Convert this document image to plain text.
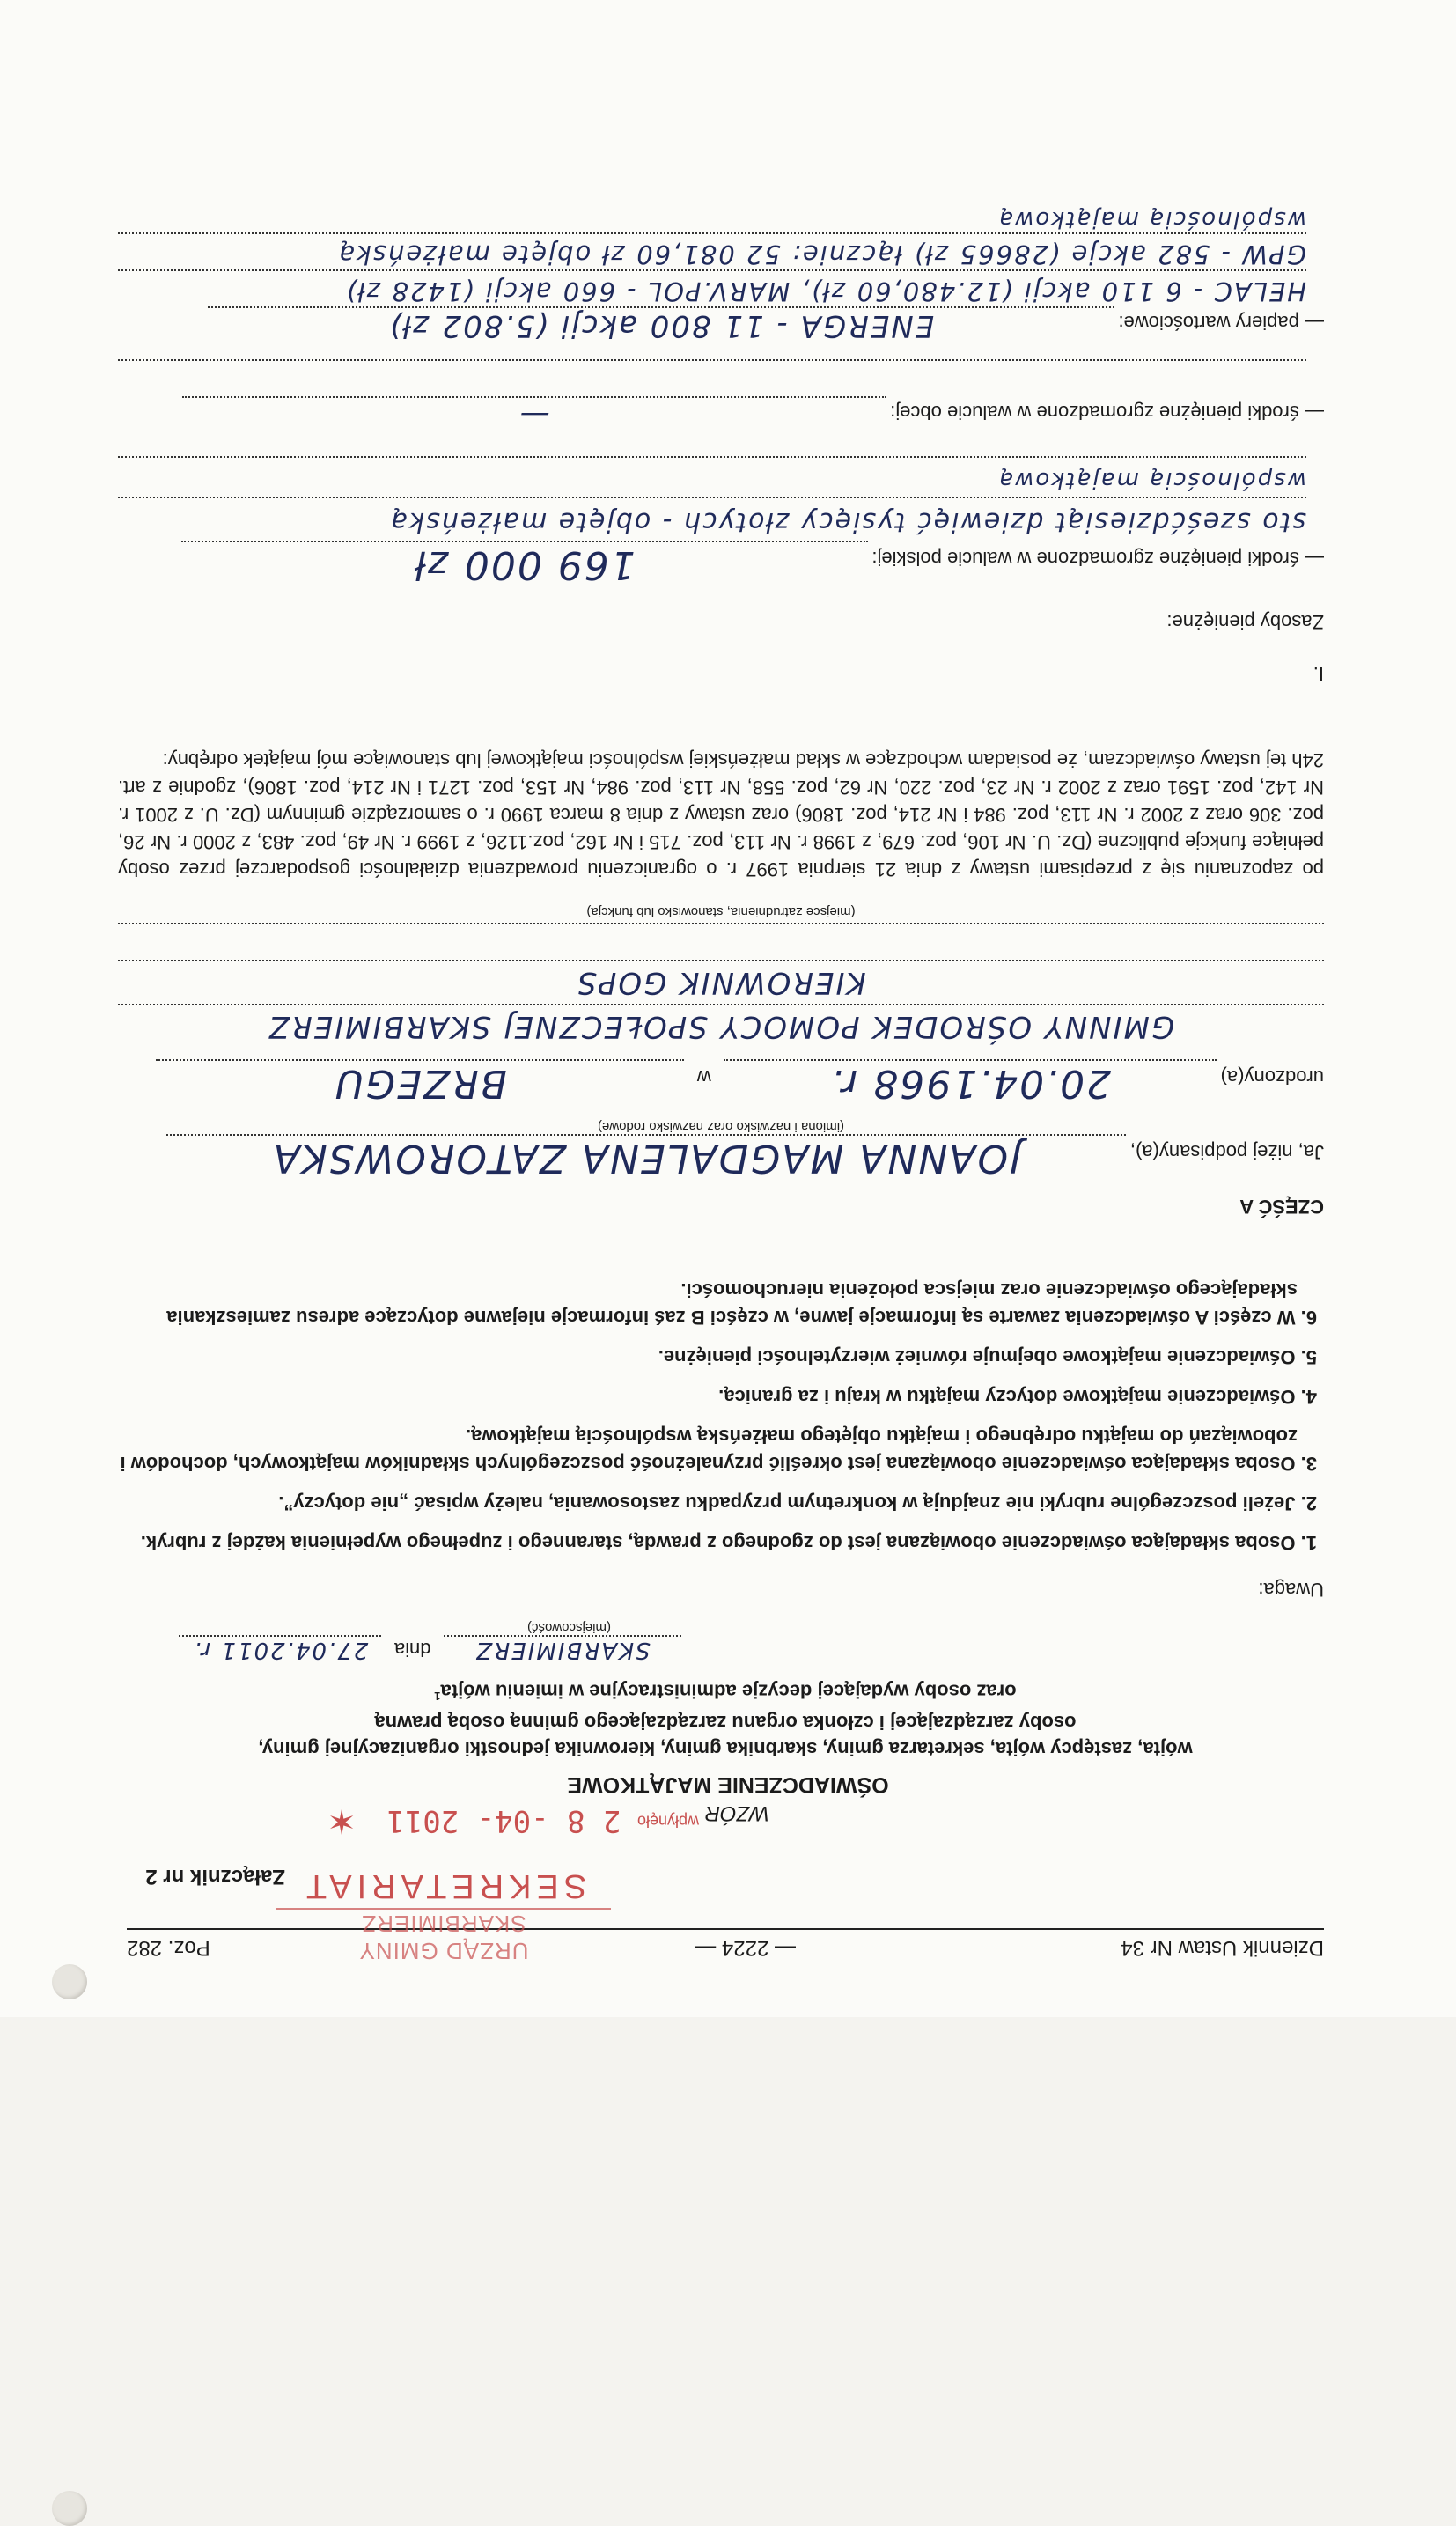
Dziennik Ustaw Nr 34
— 2224 —
Poz. 282	URZĄD GMINY SKARBIMIERZ
SEKRETARIAT
Załącznik nr 2
WZÓR
wpłynęło 2 8 -04- 2011 ✶
OŚWIADCZENIE MAJĄTKOWE
wójta, zastępcy wójta, sekretarza gminy, skarbnika gminy, kierownika jednostki organizacyjnej gminy,
osoby zarządzającej i członka organu zarządzającego gminną osobą prawną
oraz osoby wydającej decyzje administracyjne w imieniu wójta$^1$
SKARBIMIERZ dnia 27.04.2011 r.
(miejscowość)
Uwaga:
1. Osoba składająca oświadczenie obowiązana jest do zgodnego z prawdą, starannego i zupełnego wypełnienia każdej z rubryk.
2. Jeżeli poszczególne rubryki nie znajdują w konkretnym przypadku zastosowania, należy wpisać „nie dotyczy”.
3. Osoba składająca oświadczenie obowiązana jest określić przynależność poszczególnych składników majątkowych, dochodów i zobowiązań do majątku odrębnego i majątku objętego małżeńską wspólnością majątkową.
4. Oświadczenie majątkowe dotyczy majątku w kraju i za granicą.
5. Oświadczenie majątkowe obejmuje również wierzytelności pieniężne.
6. W części A oświadczenia zawarte są informacje jawne, w części B zaś informacje niejawne dotyczące adresu zamieszkania składającego oświadczenie oraz miejsca położenia nieruchomości.
CZĘŚĆ A
Ja, niżej podpisany(a), JOANNA MAGDALENA ZATOROWSKA
(imiona i nazwisko oraz nazwisko rodowe)
urodzony(a) 20.04.1968 r. w BRZEGU
GMINNY OŚRODEK POMOCY SPOŁECZNEJ SKARBIMIERZ
KIEROWNIK GOPS
(miejsce zatrudnienia, stanowisko lub funkcja)
po zapoznaniu się z przepisami ustawy z dnia 21 sierpnia 1997 r. o ograniczeniu prowadzenia działalności gospodarczej przez osoby pełniące funkcje publiczne (Dz. U. Nr 106, poz. 679, z 1998 r. Nr 113, poz. 715 i Nr 162, poz.1126, z 1999 r. Nr 49, poz. 483, z 2000 r. Nr 26, poz. 306 oraz z 2002 r. Nr 113, poz. 984 i Nr 214, poz. 1806) oraz ustawy z dnia 8 marca 1990 r. o samorządzie gminnym (Dz. U. z 2001 r. Nr 142, poz. 1591 oraz z 2002 r. Nr 23, poz. 220, Nr 62, poz. 558, Nr 113, poz. 984, Nr 153, poz. 1271 i Nr 214, poz. 1806), zgodnie z art. 24h tej ustawy oświadczam, że posiadam wchodzące w skład małżeńskiej wspólności majątkowej lub stanowiące mój majątek odrębny:
I.
Zasoby pieniężne:
— środki pieniężne zgromadzone w walucie polskiej: 169 000 zł
sto sześćdziesiąt dziewięć tysięcy złotych - objęte małżeńską
wspólnością majątkową
— środki pieniężne zgromadzone w walucie obcej: —
— papiery wartościowe: ENERGA - 11 800 akcji (5.802 zł)
HELAC - 6 110 akcji (12.480,60 zł), MARV.POL - 660 akcji (1428 zł)
GPW - 582 akcje (28665 zł) łącznie: 52 081,60 zł objęte małżeńską
wspólnością majątkową
